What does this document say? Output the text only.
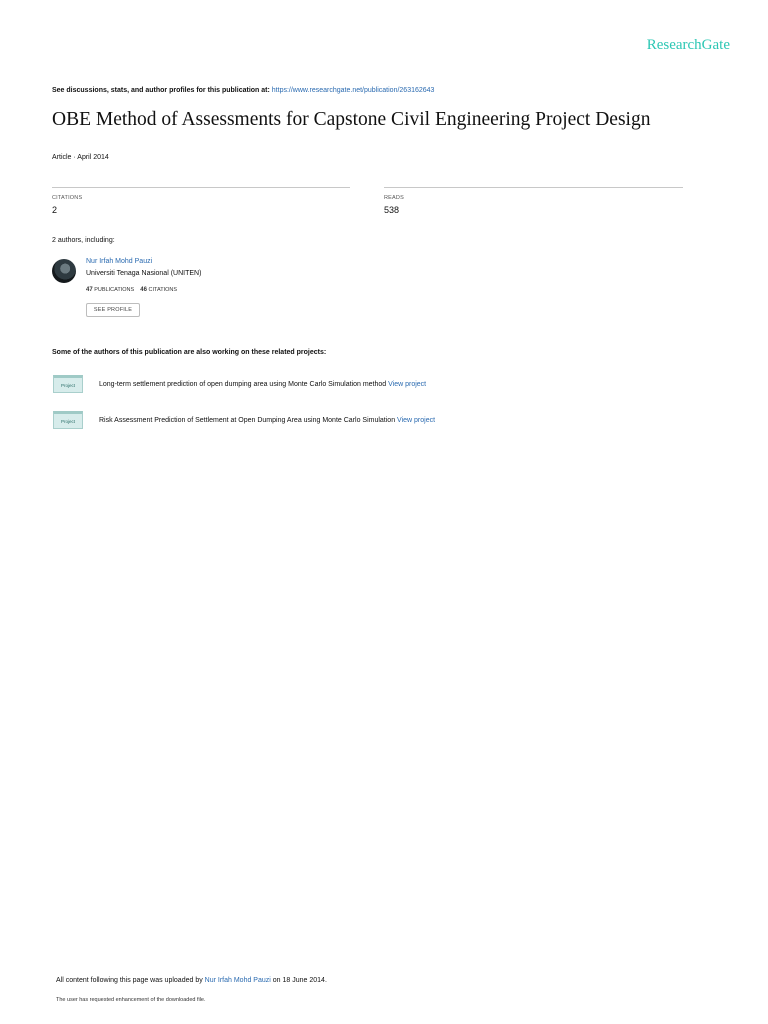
ResearchGate
See discussions, stats, and author profiles for this publication at: https://www.researchgate.net/publication/263162643
OBE Method of Assessments for Capstone Civil Engineering Project Design
Article · April 2014
CITATIONS
2
READS
538
2 authors, including:
Nur Irfah Mohd Pauzi
Universiti Tenaga Nasional (UNITEN)
47 PUBLICATIONS 46 CITATIONS
SEE PROFILE
Some of the authors of this publication are also working on these related projects:
Project	Long-term settlement prediction of open dumping area using Monte Carlo Simulation method View project
Project	Risk Assessment Prediction of Settlement at Open Dumping Area using Monte Carlo Simulation View project
All content following this page was uploaded by Nur Irfah Mohd Pauzi on 18 June 2014.
The user has requested enhancement of the downloaded file.
